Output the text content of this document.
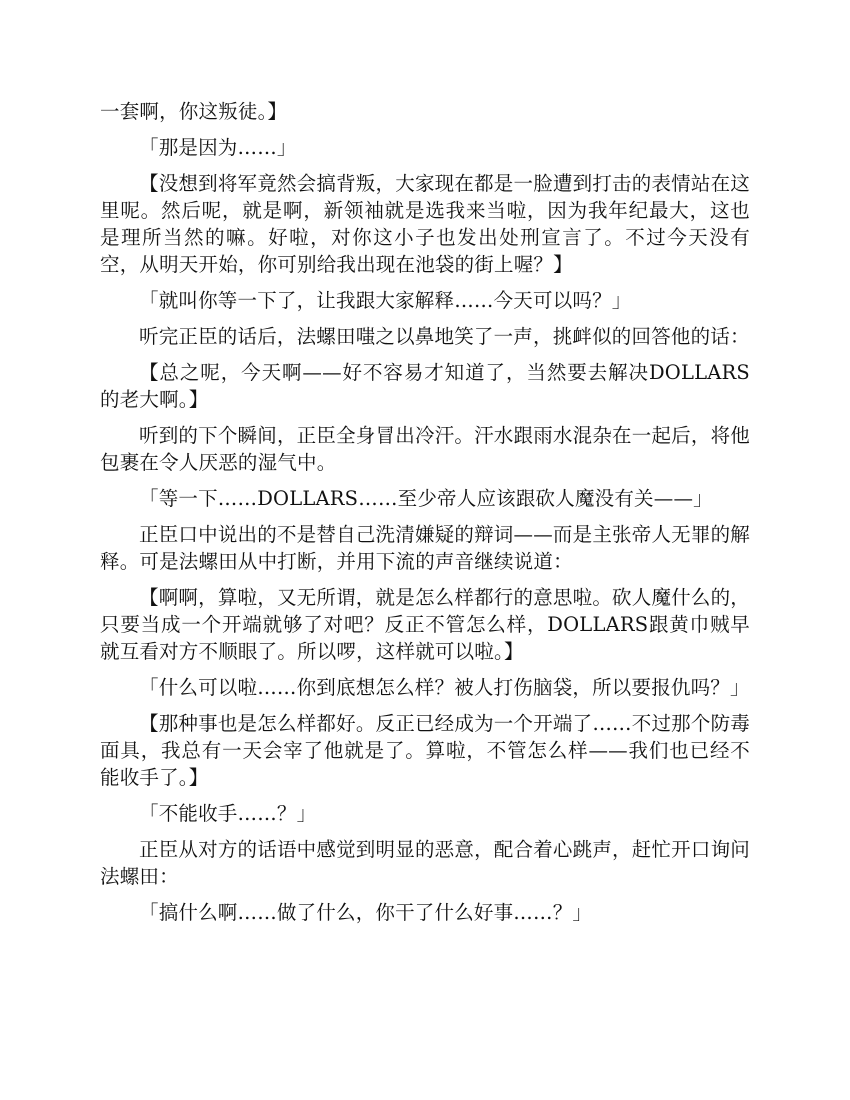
一套啊，你这叛徒。】

「那是因为……」

【没想到将军竟然会搞背叛，大家现在都是一脸遭到打击的表情站在这里呢。然后呢，就是啊，新领袖就是选我来当啦，因为我年纪最大，这也是理所当然的嘛。好啦，对你这小子也发出处刑宣言了。不过今天没有空，从明天开始，你可别给我出现在池袋的街上喔？】

「就叫你等一下了，让我跟大家解释……今天可以吗？」

听完正臣的话后，法螺田嗤之以鼻地笑了一声，挑衅似的回答他的话：

【总之呢，今天啊——好不容易才知道了，当然要去解决DOLLARS的老大啊。】

听到的下个瞬间，正臣全身冒出冷汗。汗水跟雨水混杂在一起后，将他包裹在令人厌恶的湿气中。

「等一下……DOLLARS……至少帝人应该跟砍人魔没有关——」

正臣口中说出的不是替自己洗清嫌疑的辩词——而是主张帝人无罪的解释。可是法螺田从中打断，并用下流的声音继续说道：

【啊啊，算啦，又无所谓，就是怎么样都行的意思啦。砍人魔什么的，只要当成一个开端就够了对吧？反正不管怎么样，DOLLARS跟黄巾贼早就互看对方不顺眼了。所以啰，这样就可以啦。】

「什么可以啦……你到底想怎么样？被人打伤脑袋，所以要报仇吗？」

【那种事也是怎么样都好。反正已经成为一个开端了……不过那个防毒面具，我总有一天会宰了他就是了。算啦，不管怎么样——我们也已经不能收手了。】

「不能收手……？」

正臣从对方的话语中感觉到明显的恶意，配合着心跳声，赶忙开口询问法螺田：

「搞什么啊……做了什么，你干了什么好事……？」
